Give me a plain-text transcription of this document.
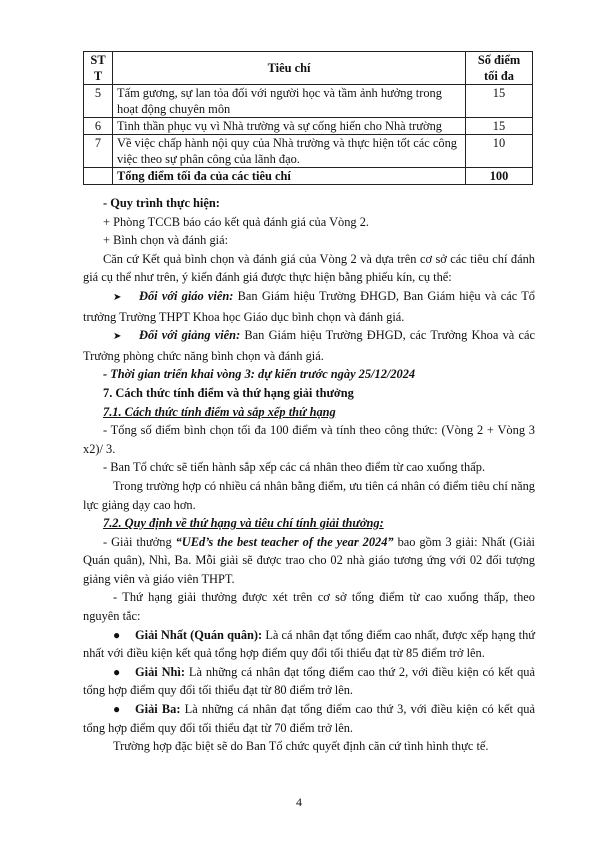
ST T	Tiêu chí	Số điểm tối đa
5	Tấm gương, sự lan tỏa đối với người học và tầm ảnh hưởng trong hoạt động chuyên môn	15
6	Tinh thần phục vụ vì Nhà trường và sự cống hiến cho Nhà trường	15
7	Về việc chấp hành nội quy của Nhà trường và thực hiện tốt các công việc theo sự phân công của lãnh đạo.	10
	Tổng điểm tối đa của các tiêu chí	100

- Quy trình thực hiện:

+ Phòng TCCB báo cáo kết quả đánh giá của Vòng 2.

+ Bình chọn và đánh giá:

Căn cứ Kết quả bình chọn và đánh giá của Vòng 2 và dựa trên cơ sở các tiêu chí đánh giá cụ thể như trên, ý kiến đánh giá được thực hiện bằng phiếu kín, cụ thể:

➤ Đối với giáo viên: Ban Giám hiệu Trường ĐHGD, Ban Giám hiệu và các Tổ trưởng Trường THPT Khoa học Giáo dục bình chọn và đánh giá.

➤ Đối với giảng viên: Ban Giám hiệu Trường ĐHGD, các Trưởng Khoa và các Trưởng phòng chức năng bình chọn và đánh giá.

- Thời gian triển khai vòng 3: dự kiến trước ngày 25/12/2024

7. Cách thức tính điểm và thứ hạng giải thưởng

7.1. Cách thức tính điểm và sắp xếp thứ hạng

- Tổng số điểm bình chọn tối đa 100 điểm và tính theo công thức: (Vòng 2 + Vòng 3 x2)/ 3.

- Ban Tổ chức sẽ tiến hành sắp xếp các cá nhân theo điểm từ cao xuống thấp.

Trong trường hợp có nhiều cá nhân bằng điểm, ưu tiên cá nhân có điểm tiêu chí năng lực giảng dạy cao hơn.

7.2. Quy định về thứ hạng và tiêu chí tính giải thưởng:

- Giải thưởng “UEd’s the best teacher of the year 2024” bao gồm 3 giải: Nhất (Giải Quán quân), Nhì, Ba. Mỗi giải sẽ được trao cho 02 nhà giáo tương ứng với 02 đối tượng giảng viên và giáo viên THPT.

- Thứ hạng giải thưởng được xét trên cơ sở tổng điểm từ cao xuống thấp, theo nguyên tắc:

● Giải Nhất (Quán quân): Là cá nhân đạt tổng điểm cao nhất, được xếp hạng thứ nhất với điều kiện kết quả tổng hợp điểm quy đổi tối thiểu đạt từ 85 điểm trở lên.

● Giải Nhì: Là những cá nhân đạt tổng điểm cao thứ 2, với điều kiện có kết quả tổng hợp điểm quy đổi tối thiểu đạt từ 80 điểm trở lên.

● Giải Ba: Là những cá nhân đạt tổng điểm cao thứ 3, với điều kiện có kết quả tổng hợp điểm quy đổi tối thiểu đạt từ 70 điểm trở lên.

Trường hợp đặc biệt sẽ do Ban Tổ chức quyết định căn cứ tình hình thực tế.

4
